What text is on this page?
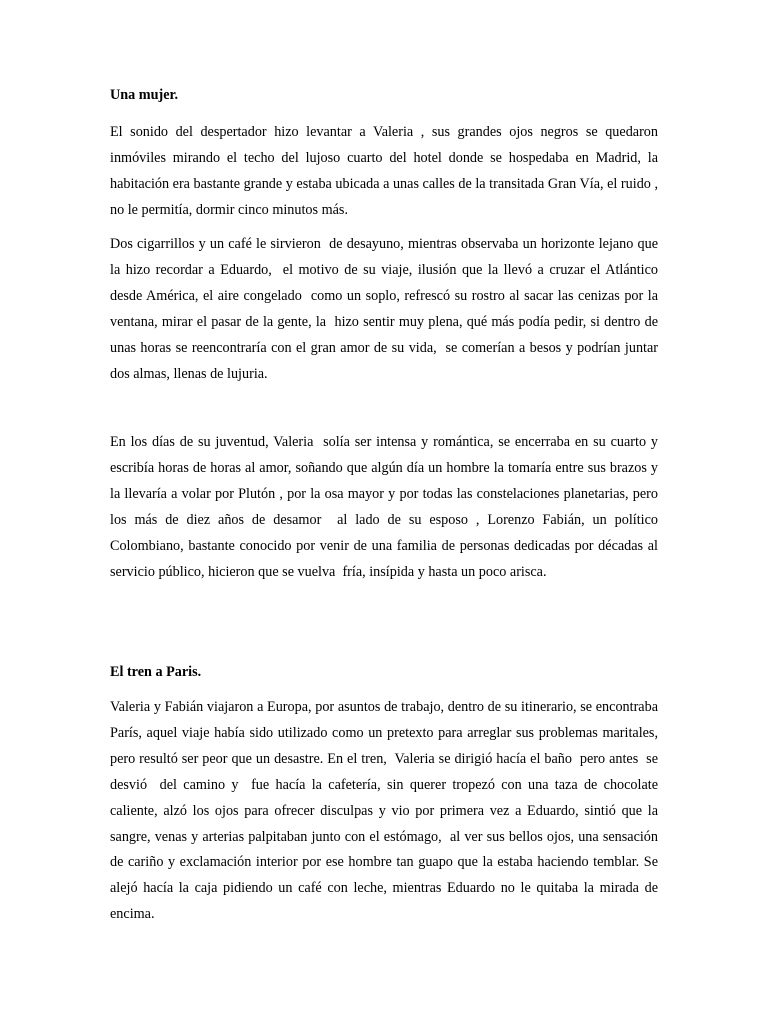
Una mujer.

El sonido del despertador hizo levantar a Valeria , sus grandes ojos negros se quedaron inmóviles mirando el techo del lujoso cuarto del hotel donde se hospedaba en Madrid, la habitación era bastante grande y estaba ubicada a unas calles de la transitada Gran Vía, el ruido , no le permitía, dormir cinco minutos más.

Dos cigarrillos y un café le sirvieron  de desayuno, mientras observaba un horizonte lejano que la hizo recordar a Eduardo,  el motivo de su viaje, ilusión que la llevó a cruzar el Atlántico desde América, el aire congelado  como un soplo, refrescó su rostro al sacar las cenizas por la ventana, mirar el pasar de la gente, la  hizo sentir muy plena, qué más podía pedir, si dentro de unas horas se reencontraría con el gran amor de su vida,  se comerían a besos y podrían juntar dos almas, llenas de lujuria.

En los días de su juventud, Valeria  solía ser intensa y romántica, se encerraba en su cuarto y escribía horas de horas al amor, soñando que algún día un hombre la tomaría entre sus brazos y la llevaría a volar por Plutón , por la osa mayor y por todas las constelaciones planetarias, pero los más de diez años de desamor  al lado de su esposo , Lorenzo Fabián, un político Colombiano, bastante conocido por venir de una familia de personas dedicadas por décadas al servicio público, hicieron que se vuelva  fría, insípida y hasta un poco arisca.

El tren a Paris.

Valeria y Fabián viajaron a Europa, por asuntos de trabajo, dentro de su itinerario, se encontraba París, aquel viaje había sido utilizado como un pretexto para arreglar sus problemas maritales, pero resultó ser peor que un desastre. En el tren,  Valeria se dirigió hacía el baño  pero antes  se desvió  del camino y  fue hacía la cafetería, sin querer tropezó con una taza de chocolate caliente, alzó los ojos para ofrecer disculpas y vio por primera vez a Eduardo, sintió que la sangre, venas y arterias palpitaban junto con el estómago,  al ver sus bellos ojos, una sensación de cariño y exclamación interior por ese hombre tan guapo que la estaba haciendo temblar. Se alejó hacía la caja pidiendo un café con leche, mientras Eduardo no le quitaba la mirada de encima.
